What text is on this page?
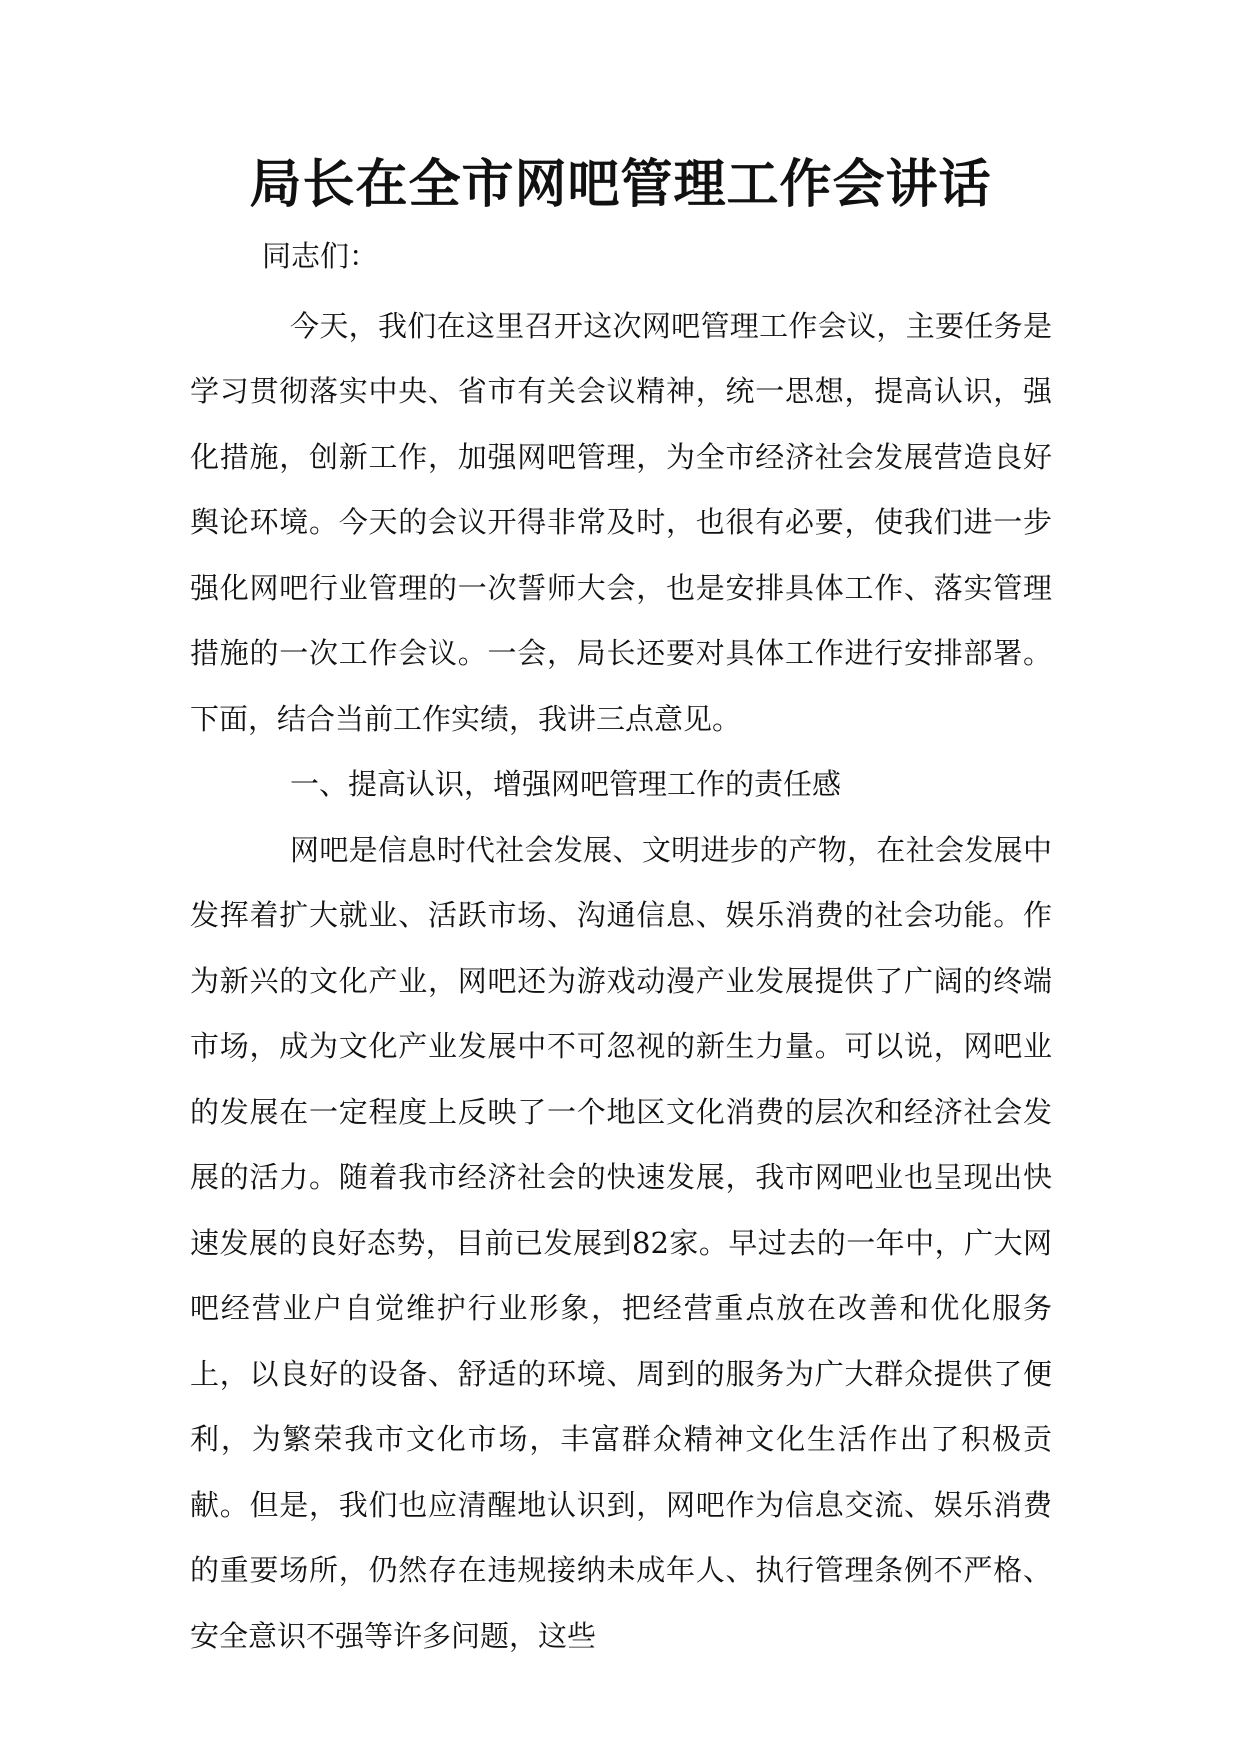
局长在全市网吧管理工作会讲话

同志们：

今天，我们在这里召开这次网吧管理工作会议，主要任务是学习贯彻落实中央、省市有关会议精神，统一思想，提高认识，强化措施，创新工作，加强网吧管理，为全市经济社会发展营造良好舆论环境。今天的会议开得非常及时，也很有必要，使我们进一步强化网吧行业管理的一次誓师大会，也是安排具体工作、落实管理措施的一次工作会议。一会，局长还要对具体工作进行安排部署。下面，结合当前工作实绩，我讲三点意见。

一、提高认识，增强网吧管理工作的责任感

网吧是信息时代社会发展、文明进步的产物，在社会发展中发挥着扩大就业、活跃市场、沟通信息、娱乐消费的社会功能。作为新兴的文化产业，网吧还为游戏动漫产业发展提供了广阔的终端市场，成为文化产业发展中不可忽视的新生力量。可以说，网吧业的发展在一定程度上反映了一个地区文化消费的层次和经济社会发展的活力。随着我市经济社会的快速发展，我市网吧业也呈现出快速发展的良好态势，目前已发展到82家。早过去的一年中，广大网吧经营业户自觉维护行业形象，把经营重点放在改善和优化服务上，以良好的设备、舒适的环境、周到的服务为广大群众提供了便利，为繁荣我市文化市场，丰富群众精神文化生活作出了积极贡献。但是，我们也应清醒地认识到，网吧作为信息交流、娱乐消费的重要场所，仍然存在违规接纳未成年人、执行管理条例不严格、安全意识不强等许多问题，这些
